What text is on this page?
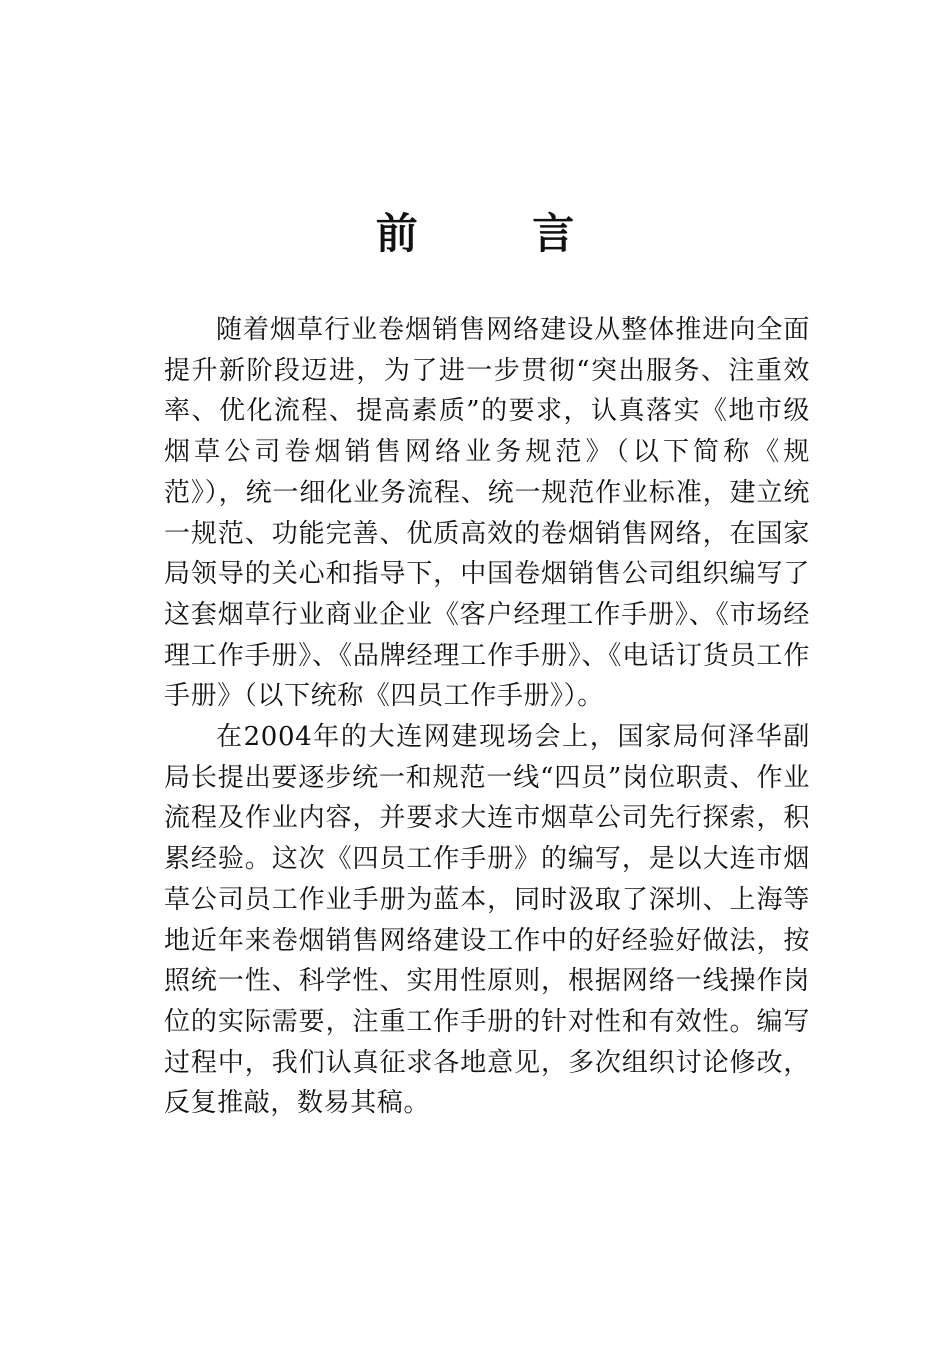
前 言

随着烟草行业卷烟销售网络建设从整体推进向全面提升新阶段迈进，为了进一步贯彻“突出服务、注重效率、优化流程、提高素质”的要求，认真落实《地市级烟草公司卷烟销售网络业务规范》（以下简称《规范》），统一细化业务流程、统一规范作业标准，建立统一规范、功能完善、优质高效的卷烟销售网络，在国家局领导的关心和指导下，中国卷烟销售公司组织编写了这套烟草行业商业企业《客户经理工作手册》、《市场经理工作手册》、《品牌经理工作手册》、《电话订货员工作手册》（以下统称《四员工作手册》）。

在2004年的大连网建现场会上，国家局何泽华副局长提出要逐步统一和规范一线“四员”岗位职责、作业流程及作业内容，并要求大连市烟草公司先行探索，积累经验。这次《四员工作手册》的编写，是以大连市烟草公司员工作业手册为蓝本，同时汲取了深圳、上海等地近年来卷烟销售网络建设工作中的好经验好做法，按照统一性、科学性、实用性原则，根据网络一线操作岗位的实际需要，注重工作手册的针对性和有效性。编写过程中，我们认真征求各地意见，多次组织讨论修改，反复推敲，数易其稿。
